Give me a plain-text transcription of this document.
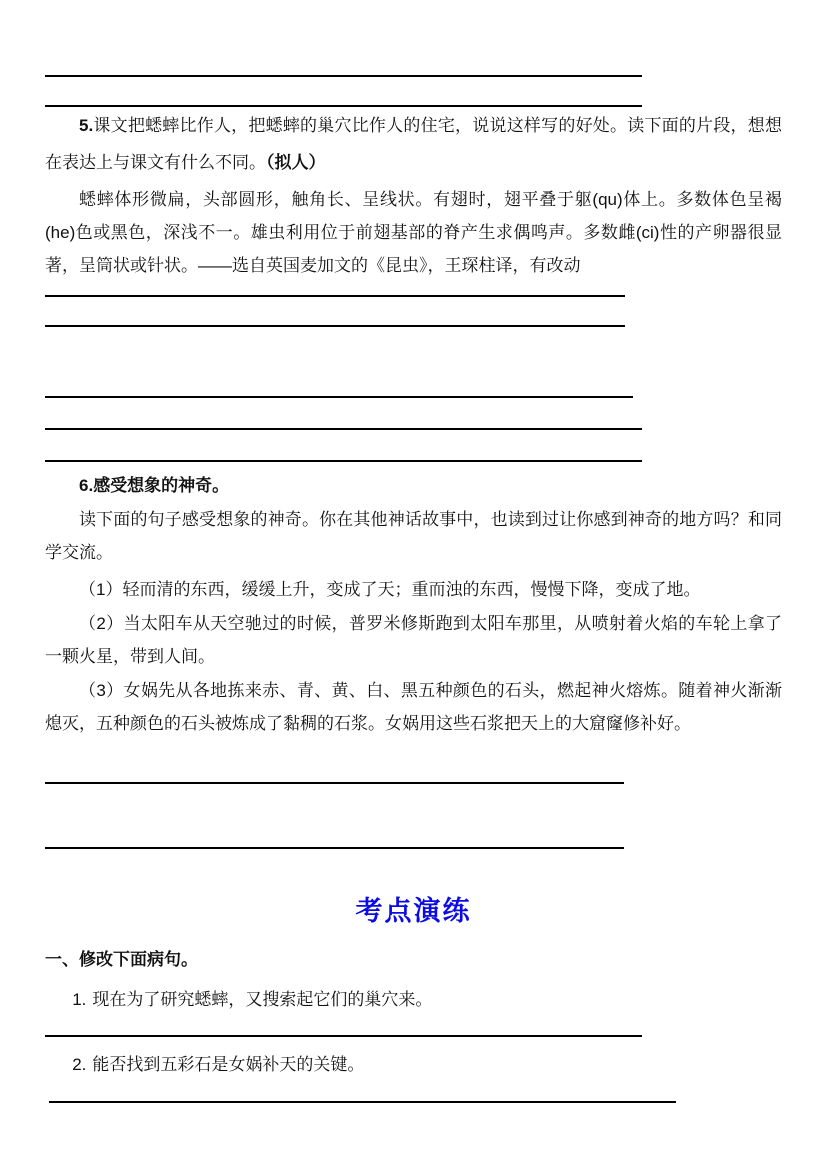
5.课文把蟋蟀比作人，把蟋蟀的巢穴比作人的住宅，说说这样写的好处。读下面的片段，想想在表达上与课文有什么不同。（拟人）

蟋蟀体形微扁，头部圆形，触角长、呈线状。有翅时，翅平叠于躯(qu)体上。多数体色呈褐(he)色或黑色，深浅不一。雄虫利用位于前翅基部的脊产生求偶鸣声。多数雌(ci)性的产卵器很显著，呈筒状或针状。——选自英国麦加文的《昆虫》，王琛柱译，有改动

6.感受想象的神奇。

读下面的句子感受想象的神奇。你在其他神话故事中，也读到过让你感到神奇的地方吗？和同学交流。

（1）轻而清的东西，缓缓上升，变成了天；重而浊的东西，慢慢下降，变成了地。

（2）当太阳车从天空驰过的时候，普罗米修斯跑到太阳车那里，从喷射着火焰的车轮上拿了一颗火星，带到人间。

（3）女娲先从各地拣来赤、青、黄、白、黑五种颜色的石头，燃起神火熔炼。随着神火渐渐熄灭，五种颜色的石头被炼成了黏稠的石浆。女娲用这些石浆把天上的大窟窿修补好。

考点演练

一、修改下面病句。

1. 现在为了研究蟋蟀，又搜索起它们的巢穴来。

2. 能否找到五彩石是女娲补天的关键。
